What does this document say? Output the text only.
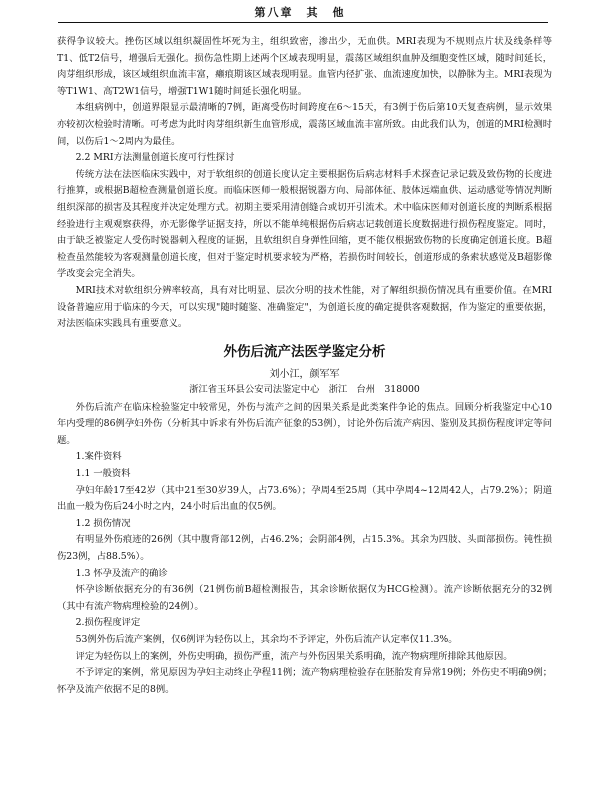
第八章　其　他

获得争议较大。挫伤区域以组织凝固性坏死为主，组织致密，渗出少，无血供。MRI表现为不规则点片状及线条样等T1、低T2信号，增强后无强化。损伤急性期上述两个区域表现明显，震荡区域组织血肿及细胞变性区域，随时间延长，肉芽组织形成，该区域组织血流丰富，癞痕期该区域表现明显。血管内径扩张、血流速度加快，以静脉为主。MRI表现为等T1W1、高T2W1信号，增强T1W1随时间延长强化明显。

本组病例中，创道界限显示最清晰的7例，距离受伤时间跨度在6～15天，有3例于伤后第10天复查病例，显示效果亦较初次检验时清晰。可考虑为此时肉芽组织新生血管形成，震荡区域血流丰富所致。由此我们认为，创道的MRI检测时间，以伤后1～2周内为最佳。

2.2 MRI方法测量创道长度可行性探讨

传统方法在法医临床实践中，对于软组织的创道长度认定主要根据伤后病志材料手术探查记录记载及致伤物的长度进行推算，或根据B超检查测量创道长度。而临床医师一般根据锐器方向、局部体征、肢体远端血供、运动感觉等情况判断组织深部的损害及其程度并决定处理方式。初期主要采用清创缝合或切开引流术。术中临床医师对创道长度的判断系根据经验进行主观观察获得，亦无影像学证据支持，所以不能单纯根据伤后病志记载创道长度数据进行损伤程度鉴定。同时，由于缺乏被鉴定人受伤时锐器刺入程度的证据，且软组织自身弹性回缩，更不能仅根据致伤物的长度确定创道长度。B超检查虽然能较为客观测量创道长度，但对于鉴定时机要求较为严格，若损伤时间较长，创道形成的条索状感觉及B超影像学改变会完全消失。

MRI技术对软组织分辨率较高，具有对比明显、层次分明的技术性能，对了解组织损伤情况具有重要价值。在MRI设备普遍应用于临床的今天，可以实现"随时随鉴、准确鉴定"，为创道长度的确定提供客观数据，作为鉴定的重要依据，对法医临床实践具有重要意义。

外伤后流产法医学鉴定分析
刘小江，颜军军
浙江省玉环县公安司法鉴定中心　浙江　台州　318000

外伤后流产在临床检验鉴定中较常见，外伤与流产之间的因果关系是此类案件争论的焦点。回顾分析我鉴定中心10年内受理的86例孕妇外伤（分析其中诉求有外伤后流产征象的53例），讨论外伤后流产病因、鉴别及其损伤程度评定等问题。

1.案件资料

1.1 一般资料

孕妇年龄17至42岁（其中21至30岁39人，占73.6%）；孕周4至25周（其中孕周4~12周42人，占79.2%）；阴道出血一般为伤后24小时之内，24小时后出血的仅5例。

1.2 损伤情况

有明显外伤痕迹的26例（其中腹背部12例，占46.2%；会阴部4例，占15.3%。其余为四肢、头面部损伤。钝性损伤23例，占88.5%）。

1.3 怀孕及流产的确诊

怀孕诊断依据充分的有36例（21例伤前B超检测报告，其余诊断依据仅为HCG检测）。流产诊断依据充分的32例（其中有流产物病理检验的24例）。

2.损伤程度评定

53例外伤后流产案例，仅6例评为轻伤以上，其余均不予评定，外伤后流产认定率仅11.3%。

评定为轻伤以上的案例，外伤史明确，损伤严重，流产与外伤因果关系明确，流产物病理所排除其他原因。

不予评定的案例，常见原因为孕妇主动终止孕程11例；流产物病理检验存在胚胎发育异常19例；外伤史不明确9例；怀孕及流产依据不足的8例。
